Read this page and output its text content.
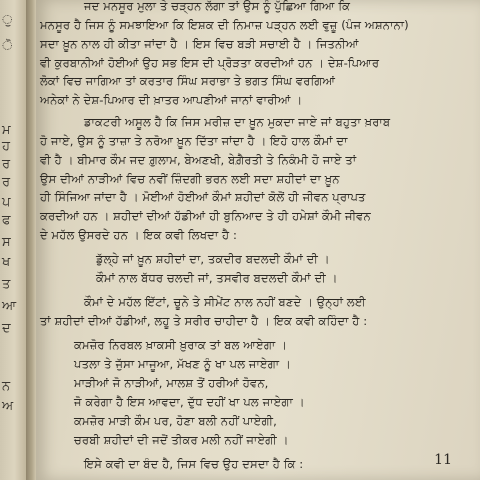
ੁ
ੋ
ਮ
ਹ
ਰ
ਰ
ਪ
ਫ
ਸ
ਖ
ਤ
ਆ
ਦ
ਨ
ਅ
ਜਦ ਮਨਸੂਰ ਮੁਲਾ ਤੇ ਚੜ੍ਹਨ ਲੱਗਾ ਤਾਂ ਉਸ ਨੂੰ ਪੁੱਛਿਆ ਗਿਆ ਕਿ
ਮਨਸੂਰ ਹੈ ਜਿਸ ਨੂੰ ਸਮਝਾਇਆ ਕਿ ਇਸ਼ਕ ਦੀ ਨਿਮਾਜ਼ ਪੜ੍ਹਨ ਲਈ ਵੁਜ਼ੂ (ਪੰਜ ਅਸ਼ਨਾਨਾ)
ਸਦਾ ਖ਼ੂਨ ਨਾਲ ਹੀ ਕੀਤਾ ਜਾਂਦਾ ਹੈ । ਇਸ ਵਿਚ ਬੜੀ ਸਚਾਈ ਹੈ । ਜਿਤਨੀਆਂ
ਵੀ ਕੁਰਬਾਨੀਆਂ ਹੋਈਆਂ ਉਹ ਸਭ ਇਸ ਦੀ ਪ੍ਰੋੜਤਾ ਕਰਦੀਆਂ ਹਨ । ਦੇਸ਼-ਪਿਆਰ
ਲੋਕਾਂ ਵਿਚ ਜਾਗਿਆ ਤਾਂ ਕਰਤਾਰ ਸਿੰਘ ਸਰਾਭਾ ਤੇ ਭਗਤ ਸਿੰਘ ਵਰਗਿਆਂ
ਅਨੇਕਾਂ ਨੇ ਦੇਸ਼-ਪਿਆਰ ਦੀ ਖ਼ਾਤਰ ਆਪਣੀਆਂ ਜਾਨਾਂ ਵਾਰੀਆਂ ।
ਡਾਕਟਰੀ ਅਸੂਲ ਹੈ ਕਿ ਜਿਸ ਮਰੀਜ਼ ਦਾ ਖ਼ੂਨ ਮੁਕਦਾ ਜਾਏ ਜਾਂ ਬਹੁਤਾ ਖ਼ਰਾਬ
ਹੋ ਜਾਏ, ਉਸ ਨੂੰ ਤਾਜ਼ਾ ਤੇ ਨਰੋਆ ਖ਼ੂਨ ਦਿੱਤਾ ਜਾਂਦਾ ਹੈ । ਇਹੋ ਹਾਲ ਕੌਮਾਂ ਦਾ
ਵੀ ਹੈ । ਬੀਮਾਰ ਕੌਮ ਜਦ ਗ਼ੁਲਾਮ, ਬੇਅਣਖੀ, ਬੇਗ਼ੈਰਤੀ ਤੇ ਨਿਕੰਮੀ ਹੋ ਜਾਏ ਤਾਂ
ਉਸ ਦੀਆਂ ਨਾੜੀਆਂ ਵਿਚ ਨਵੀਂ ਜ਼ਿੰਦਗੀ ਭਰਨ ਲਈ ਸਦਾ ਸ਼ਹੀਦਾਂ ਦਾ ਖ਼ੂਨ
ਹੀ ਸਿੰਜਿਆ ਜਾਂਦਾ ਹੈ । ਮੋਈਆਂ ਹੋਈਆਂ ਕੌਮਾਂ ਸ਼ਹੀਦਾਂ ਕੋਲੋਂ ਹੀ ਜੀਵਨ ਪ੍ਰਾਪਤ
ਕਰਦੀਆਂ ਹਨ । ਸ਼ਹੀਦਾਂ ਦੀਆਂ ਹੱਡੀਆਂ ਹੀ ਬੁਨਿਆਦ ਤੇ ਹੀ ਹਮੇਸ਼ਾਂ ਕੌਮੀ ਜੀਵਨ
ਦੇ ਮਹੱਲ ਉਸਰਦੇ ਹਨ । ਇਕ ਕਵੀ ਲਿਖਦਾ ਹੈ :
ਡੁੱਲ੍ਹੇ ਜਾਂ ਖ਼ੂਨ ਸ਼ਹੀਦਾਂ ਦਾ, ਤਕਦੀਰ ਬਦਲਦੀ ਕੌਮਾਂ ਦੀ ।
ਕੌਮਾਂ ਨਾਲ ਬੱਧਰ ਚਲਦੀ ਜਾਂ, ਤਸਵੀਰ ਬਦਲਦੀ ਕੌਮਾਂ ਦੀ ।
ਕੌਮਾਂ ਦੇ ਮਹੱਲ ਇੱਟਾਂ, ਚੂਨੇ ਤੇ ਸੀਮੇਂਟ ਨਾਲ ਨਹੀਂ ਬਣਦੇ । ਉਨ੍ਹਾਂ ਲਈ
ਤਾਂ ਸ਼ਹੀਦਾਂ ਦੀਆਂ ਹੱਡੀਆਂ, ਲਹੂ ਤੇ ਸਰੀਰ ਚਾਹੀਦਾ ਹੈ । ਇਕ ਕਵੀ ਕਹਿੰਦਾ ਹੈ :
ਕਮਜ਼ੋਰ ਨਿਰਬਲ ਖ਼ਾਕਸੀ ਖ਼ੁਰਾਕ ਤਾਂ ਬਲ ਆਏਗਾ ।
ਪਤਲਾ ਤੇ ਜੁੱਸਾ ਮਾਜੂਆ, ਮੱਖਣ ਨੂੰ ਖਾ ਪਲ ਜਾਏਗਾ ।
ਮਾੜੀਆਂ ਜੋ ਨਾੜੀਆਂ, ਮਾਲਸ਼ ਤੋਂ ਹਰੀਆਂ ਹੋਵਨ,
ਜੋ ਕਰੇਗਾ ਹੈ ਇਸ ਆਵਦਾ, ਦੁੱਧ ਦਹੀਂ ਖਾ ਪਲ ਜਾਏਗਾ ।
ਕਮਜ਼ੋਰ ਮਾੜੀ ਕੌਮ ਪਰ, ਹੋਣਾ ਬਲੀ ਨਹੀਂ ਪਾਏਗੀ,
ਚਰਬੀ ਸ਼ਹੀਦਾਂ ਦੀ ਜਦੋਂ ਤੀਕਰ ਮਲੀ ਨਹੀਂ ਜਾਏਗੀ ।
ਇਸੇ ਕਵੀ ਦਾ ਬੰਦ ਹੈ, ਜਿਸ ਵਿਚ ਉਹ ਦਸਦਾ ਹੈ ਕਿ :	11
